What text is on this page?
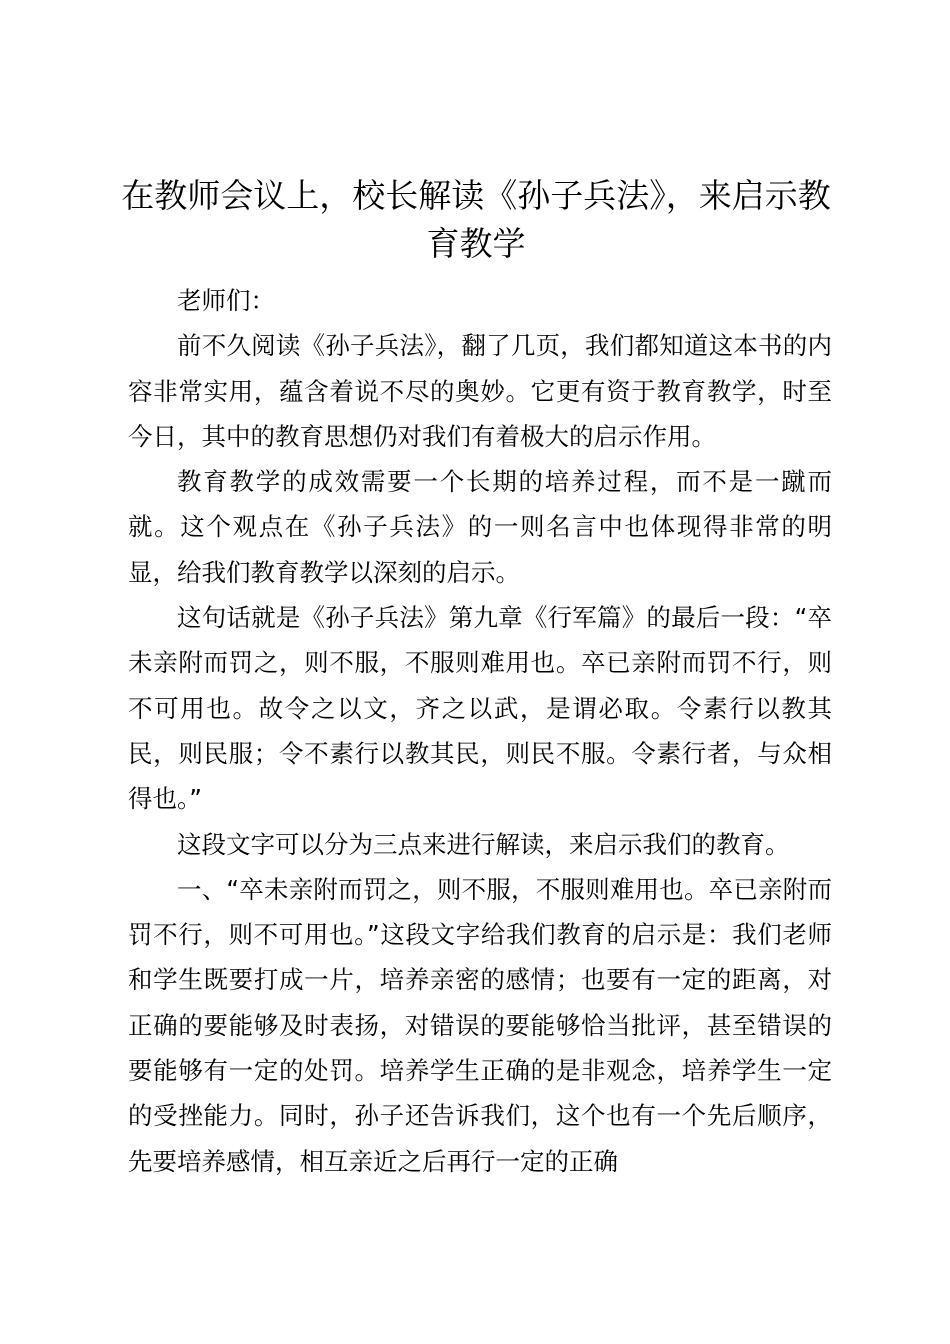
在教师会议上，校长解读《孙子兵法》，来启示教育教学

老师们：

前不久阅读《孙子兵法》，翻了几页，我们都知道这本书的内容非常实用，蕴含着说不尽的奥妙。它更有资于教育教学，时至今日，其中的教育思想仍对我们有着极大的启示作用。

教育教学的成效需要一个长期的培养过程，而不是一蹴而就。这个观点在《孙子兵法》的一则名言中也体现得非常的明显，给我们教育教学以深刻的启示。

这句话就是《孙子兵法》第九章《行军篇》的最后一段：“卒未亲附而罚之，则不服，不服则难用也。卒已亲附而罚不行，则不可用也。故令之以文，齐之以武，是谓必取。令素行以教其民，则民服；令不素行以教其民，则民不服。令素行者，与众相得也。”

这段文字可以分为三点来进行解读，来启示我们的教育。

一、“卒未亲附而罚之，则不服，不服则难用也。卒已亲附而罚不行，则不可用也。”这段文字给我们教育的启示是：我们老师和学生既要打成一片，培养亲密的感情；也要有一定的距离，对正确的要能够及时表扬，对错误的要能够恰当批评，甚至错误的要能够有一定的处罚。培养学生正确的是非观念，培养学生一定的受挫能力。同时，孙子还告诉我们，这个也有一个先后顺序，先要培养感情，相互亲近之后再行一定的正确
